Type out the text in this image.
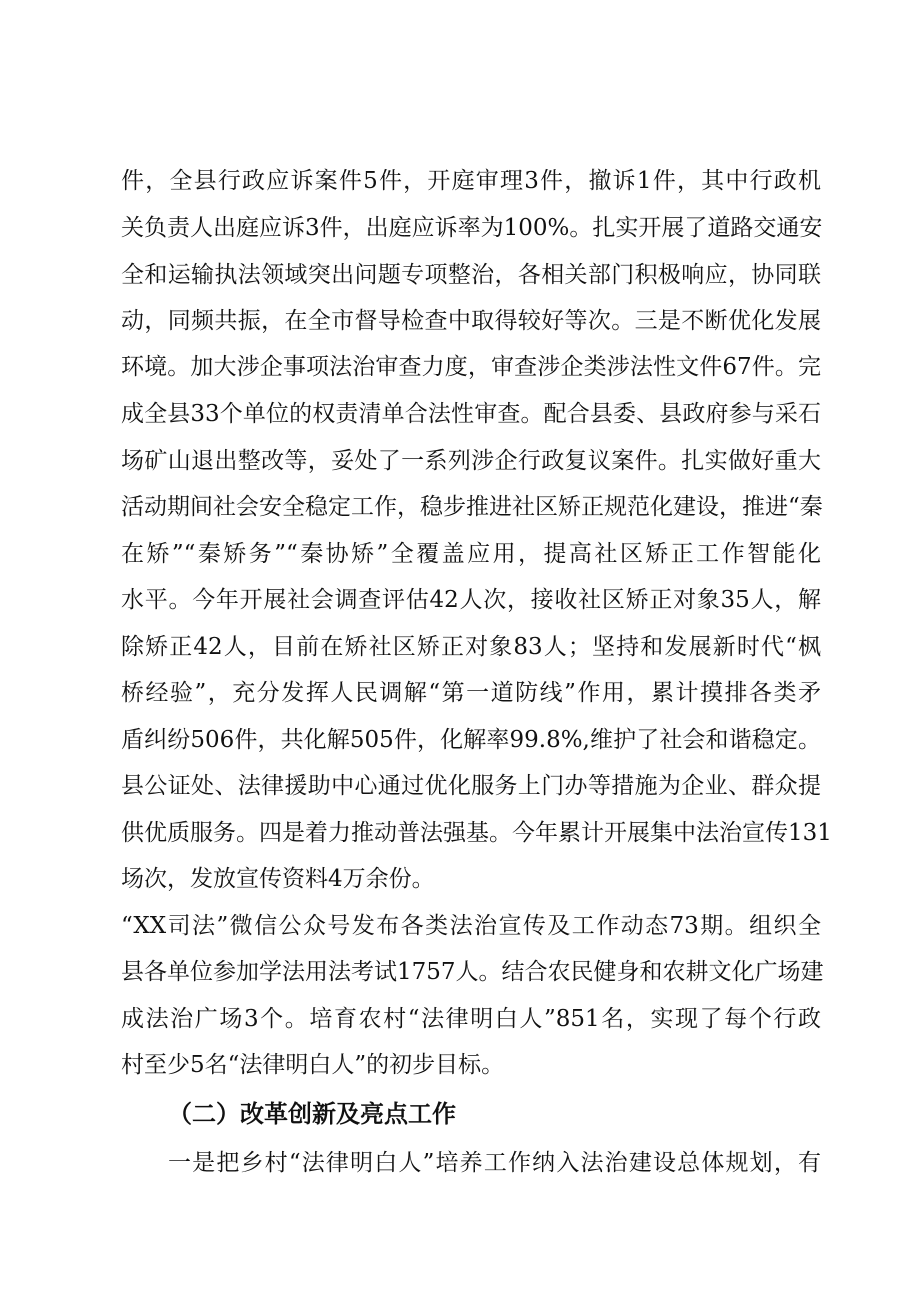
件，全县行政应诉案件5件，开庭审理3件，撤诉1件，其中行政机
关负责人出庭应诉3件，出庭应诉率为100%。扎实开展了道路交通安
全和运输执法领域突出问题专项整治，各相关部门积极响应，协同联
动，同频共振，在全市督导检查中取得较好等次。三是不断优化发展
环境。加大涉企事项法治审查力度，审查涉企类涉法性文件67件。完
成全县33个单位的权责清单合法性审查。配合县委、县政府参与采石
场矿山退出整改等，妥处了一系列涉企行政复议案件。扎实做好重大
活动期间社会安全稳定工作，稳步推进社区矫正规范化建设，推进“秦
在矫”“秦矫务”“秦协矫”全覆盖应用，提高社区矫正工作智能化
水平。今年开展社会调查评估42人次，接收社区矫正对象35人，解
除矫正42人，目前在矫社区矫正对象83人；坚持和发展新时代“枫
桥经验”，充分发挥人民调解“第一道防线”作用，累计摸排各类矛
盾纠纷506件，共化解505件，化解率99.8%,维护了社会和谐稳定。
县公证处、法律援助中心通过优化服务上门办等措施为企业、群众提
供优质服务。四是着力推动普法强基。今年累计开展集中法治宣传131
场次，发放宣传资料4万余份。
“XX司法”微信公众号发布各类法治宣传及工作动态73期。组织全
县各单位参加学法用法考试1757人。结合农民健身和农耕文化广场建
成法治广场3个。培育农村“法律明白人”851名，实现了每个行政
村至少5名“法律明白人”的初步目标。
（二）改革创新及亮点工作
一是把乡村“法律明白人”培养工作纳入法治建设总体规划，有
